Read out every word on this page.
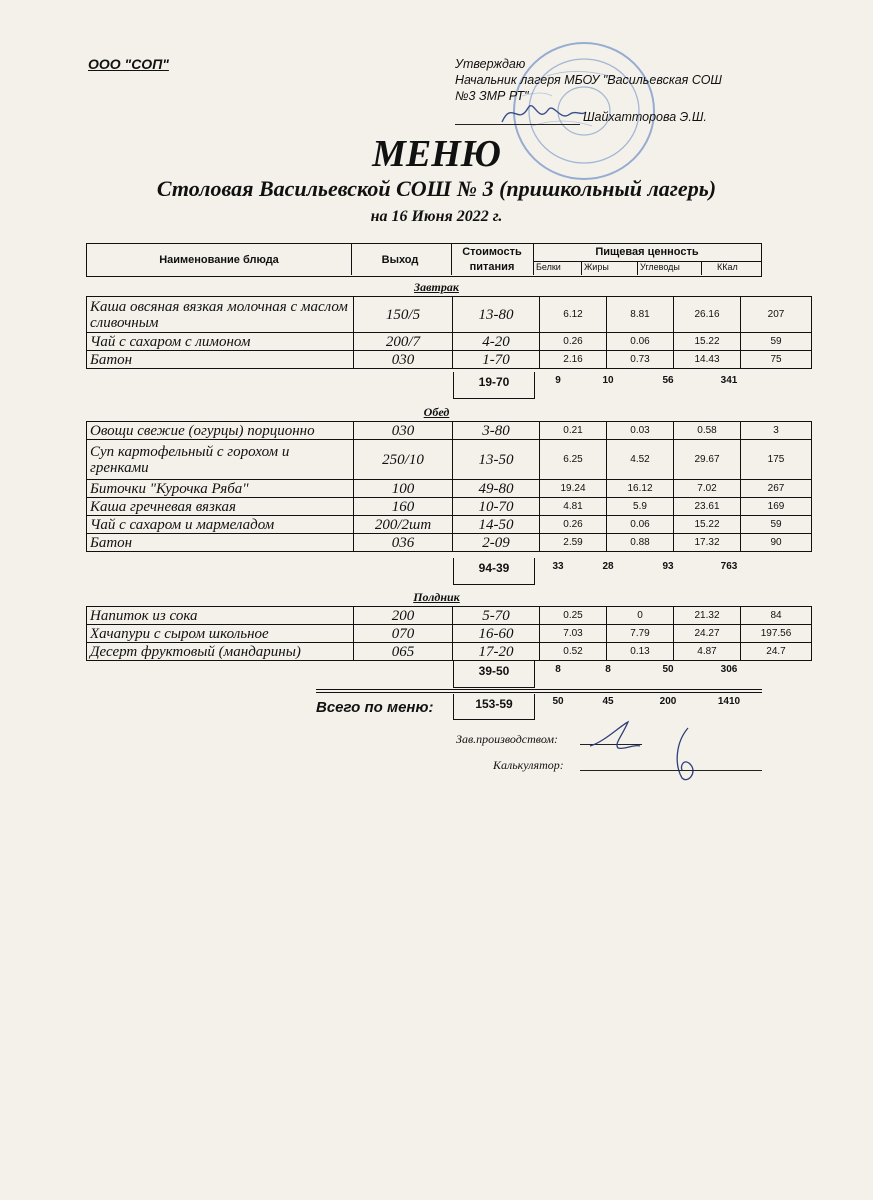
ООО "СОП"	Утверждаю
Начальник лагеря МБОУ "Васильевская СОШ
№3 ЗМР РТ"
Шайхатторова Э.Ш.
МЕНЮ
Столовая Васильевской СОШ № 3 (пришкольный лагерь)
на 16 Июня 2022 г.
Наименование блюда	Выход
Стоимость
питания
Пищевая ценность
Белки	Жиры	Углеводы	ККал
Завтрак
Каша овсяная вязкая молочная с маслом сливочным	150/5	13-80	6.12	8.81	26.16	207
Чай с сахаром с лимоном	200/7	4-20	0.26	0.06	15.22	59
Батон	030	1-70	2.16	0.73	14.43	75
19-70	9	10	56	341
Обед
Овощи свежие (огурцы) порционно	030	3-80	0.21	0.03	0.58	3
Суп картофельный с горохом и гренками	250/10	13-50	6.25	4.52	29.67	175
Биточки "Курочка Ряба"	100	49-80	19.24	16.12	7.02	267
Каша гречневая вязкая	160	10-70	4.81	5.9	23.61	169
Чай с сахаром и мармеладом	200/2шт	14-50	0.26	0.06	15.22	59
Батон	036	2-09	2.59	0.88	17.32	90
94-39	33	28	93	763
Полдник
Напиток из сока	200	5-70	0.25	0	21.32	84
Хачапури с сыром школьное	070	16-60	7.03	7.79	24.27	197.56
Десерт фруктовый (мандарины)	065	17-20	0.52	0.13	4.87	24.7
39-50	8	8	50	306
Всего по меню:	153-59	50	45	200	1410
Зав.производством:
Калькулятор:
